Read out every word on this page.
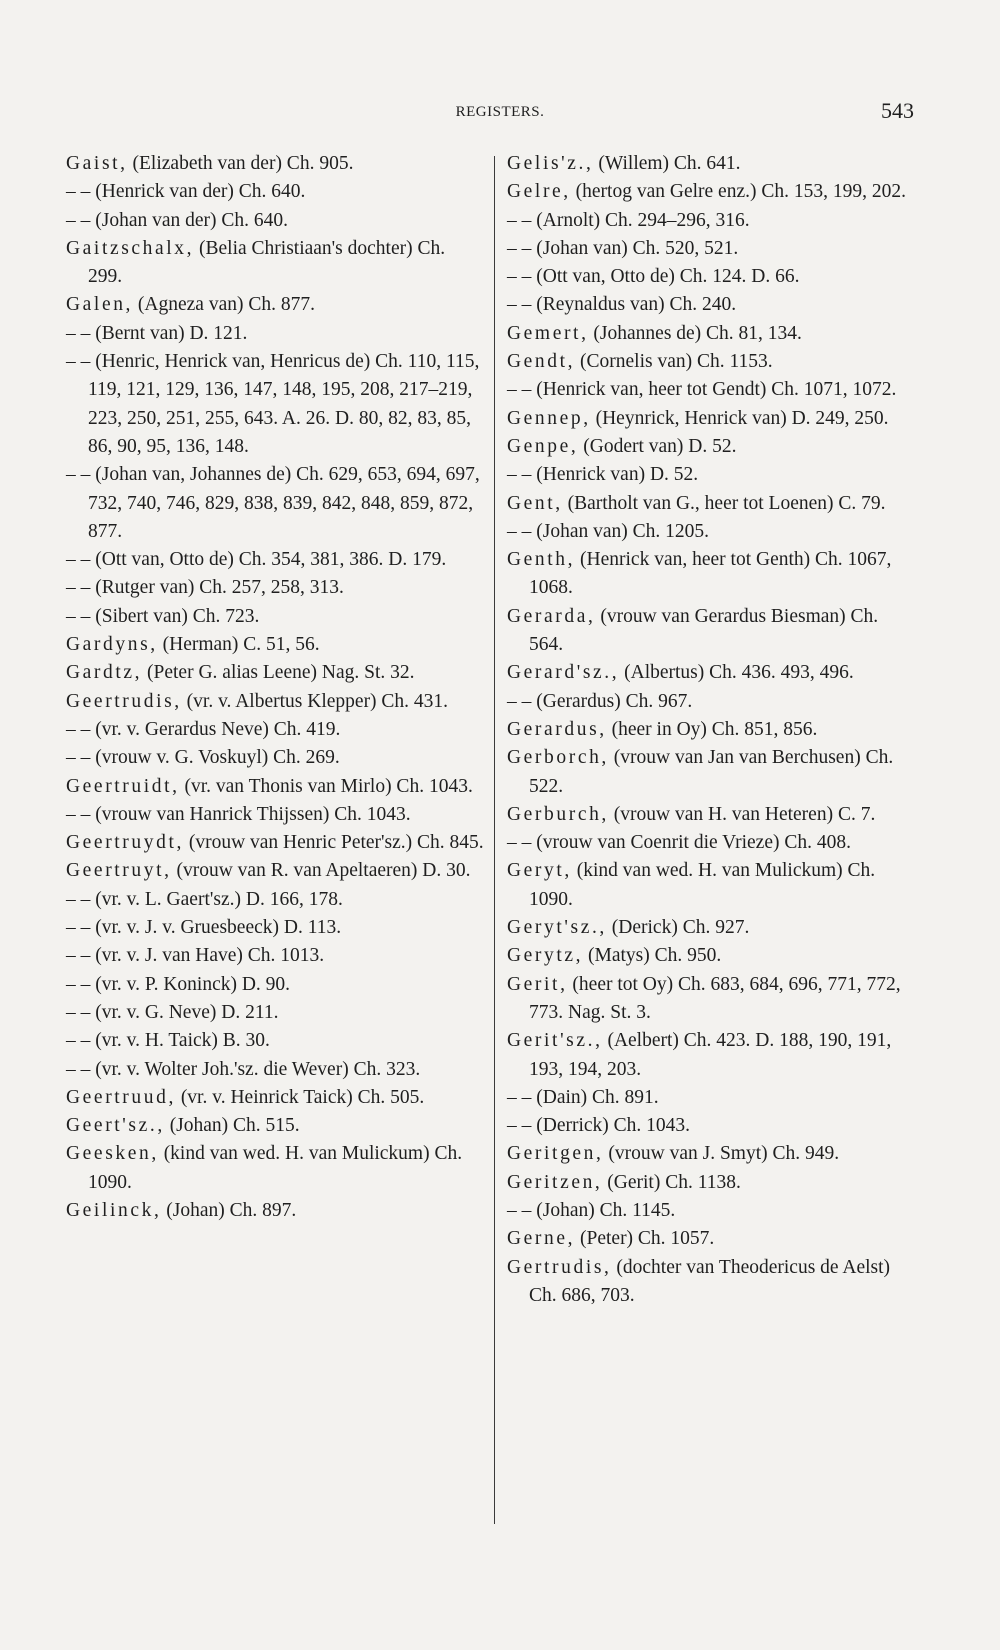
REGISTERS.	543

Gaist, (Elizabeth van der) Ch. 905.

– – (Henrick van der) Ch. 640.

– – (Johan van der) Ch. 640.

Gaitzschalx, (Belia Christiaan's dochter) Ch. 299.

Galen, (Agneza van) Ch. 877.

– – (Bernt van) D. 121.

– – (Henric, Henrick van, Henricus de) Ch. 110, 115, 119, 121, 129, 136, 147, 148, 195, 208, 217–219, 223, 250, 251, 255, 643. A. 26. D. 80, 82, 83, 85, 86, 90, 95, 136, 148.

– – (Johan van, Johannes de) Ch. 629, 653, 694, 697, 732, 740, 746, 829, 838, 839, 842, 848, 859, 872, 877.

– – (Ott van, Otto de) Ch. 354, 381, 386. D. 179.

– – (Rutger van) Ch. 257, 258, 313.

– – (Sibert van) Ch. 723.

Gardyns, (Herman) C. 51, 56.

Gardtz, (Peter G. alias Leene) Nag. St. 32.

Geertrudis, (vr. v. Albertus Klepper) Ch. 431.

– – (vr. v. Gerardus Neve) Ch. 419.

– – (vrouw v. G. Voskuyl) Ch. 269.

Geertruidt, (vr. van Thonis van Mirlo) Ch. 1043.

– – (vrouw van Hanrick Thijssen) Ch. 1043.

Geertruydt, (vrouw van Henric Peter'sz.) Ch. 845.

Geertruyt, (vrouw van R. van Apeltaeren) D. 30.

– – (vr. v. L. Gaert'sz.) D. 166, 178.

– – (vr. v. J. v. Gruesbeeck) D. 113.

– – (vr. v. J. van Have) Ch. 1013.

– – (vr. v. P. Koninck) D. 90.

– – (vr. v. G. Neve) D. 211.

– – (vr. v. H. Taick) B. 30.

– – (vr. v. Wolter Joh.'sz. die Wever) Ch. 323.

Geertruud, (vr. v. Heinrick Taick) Ch. 505.

Geert'sz., (Johan) Ch. 515.

Geesken, (kind van wed. H. van Mulickum) Ch. 1090.

Geilinck, (Johan) Ch. 897.

Gelis'z., (Willem) Ch. 641.

Gelre, (hertog van Gelre enz.) Ch. 153, 199, 202.

– – (Arnolt) Ch. 294–296, 316.

– – (Johan van) Ch. 520, 521.

– – (Ott van, Otto de) Ch. 124. D. 66.

– – (Reynaldus van) Ch. 240.

Gemert, (Johannes de) Ch. 81, 134.

Gendt, (Cornelis van) Ch. 1153.

– – (Henrick van, heer tot Gendt) Ch. 1071, 1072.

Gennep, (Heynrick, Henrick van) D. 249, 250.

Genpe, (Godert van) D. 52.

– – (Henrick van) D. 52.

Gent, (Bartholt van G., heer tot Loenen) C. 79.

– – (Johan van) Ch. 1205.

Genth, (Henrick van, heer tot Genth) Ch. 1067, 1068.

Gerarda, (vrouw van Gerardus Biesman) Ch. 564.

Gerard'sz., (Albertus) Ch. 436. 493, 496.

– – (Gerardus) Ch. 967.

Gerardus, (heer in Oy) Ch. 851, 856.

Gerborch, (vrouw van Jan van Berchusen) Ch. 522.

Gerburch, (vrouw van H. van Heteren) C. 7.

– – (vrouw van Coenrit die Vrieze) Ch. 408.

Geryt, (kind van wed. H. van Mulickum) Ch. 1090.

Geryt'sz., (Derick) Ch. 927.

Gerytz, (Matys) Ch. 950.

Gerit, (heer tot Oy) Ch. 683, 684, 696, 771, 772, 773. Nag. St. 3.

Gerit'sz., (Aelbert) Ch. 423. D. 188, 190, 191, 193, 194, 203.

– – (Dain) Ch. 891.

– – (Derrick) Ch. 1043.

Geritgen, (vrouw van J. Smyt) Ch. 949.

Geritzen, (Gerit) Ch. 1138.

– – (Johan) Ch. 1145.

Gerne, (Peter) Ch. 1057.

Gertrudis, (dochter van Theodericus de Aelst) Ch. 686, 703.
